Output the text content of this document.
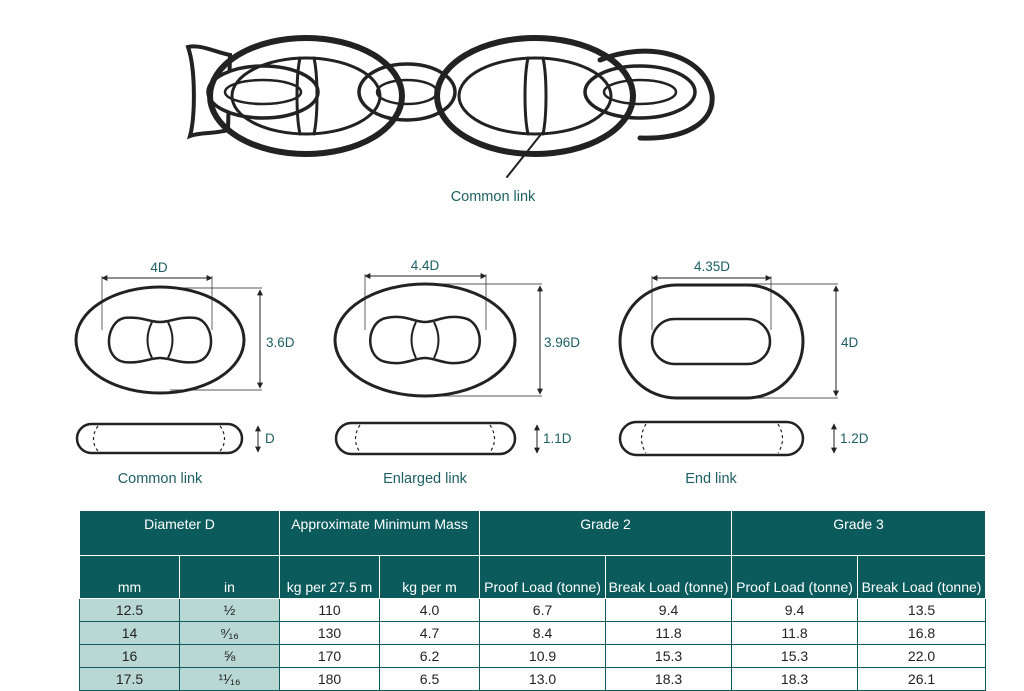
Common link
4D
3.6D
D
Common link
4.4D
3.96D
1.1D
Enlarged link
4.35D
4D
1.2D
End link
Diameter D		Approximate Minimum Mass		Grade 2		Grade 3	
mm	in	kg per 27.5 m	kg per m	Proof Load (tonne)	Break Load (tonne)	Proof Load (tonne)	Break Load (tonne)
12.5	½	110	4.0	6.7	9.4	9.4	13.5
14	⁹⁄₁₆	130	4.7	8.4	11.8	11.8	16.8
16	⅝	170	6.2	10.9	15.3	15.3	22.0
17.5	¹¹⁄₁₆	180	6.5	13.0	18.3	18.3	26.1
